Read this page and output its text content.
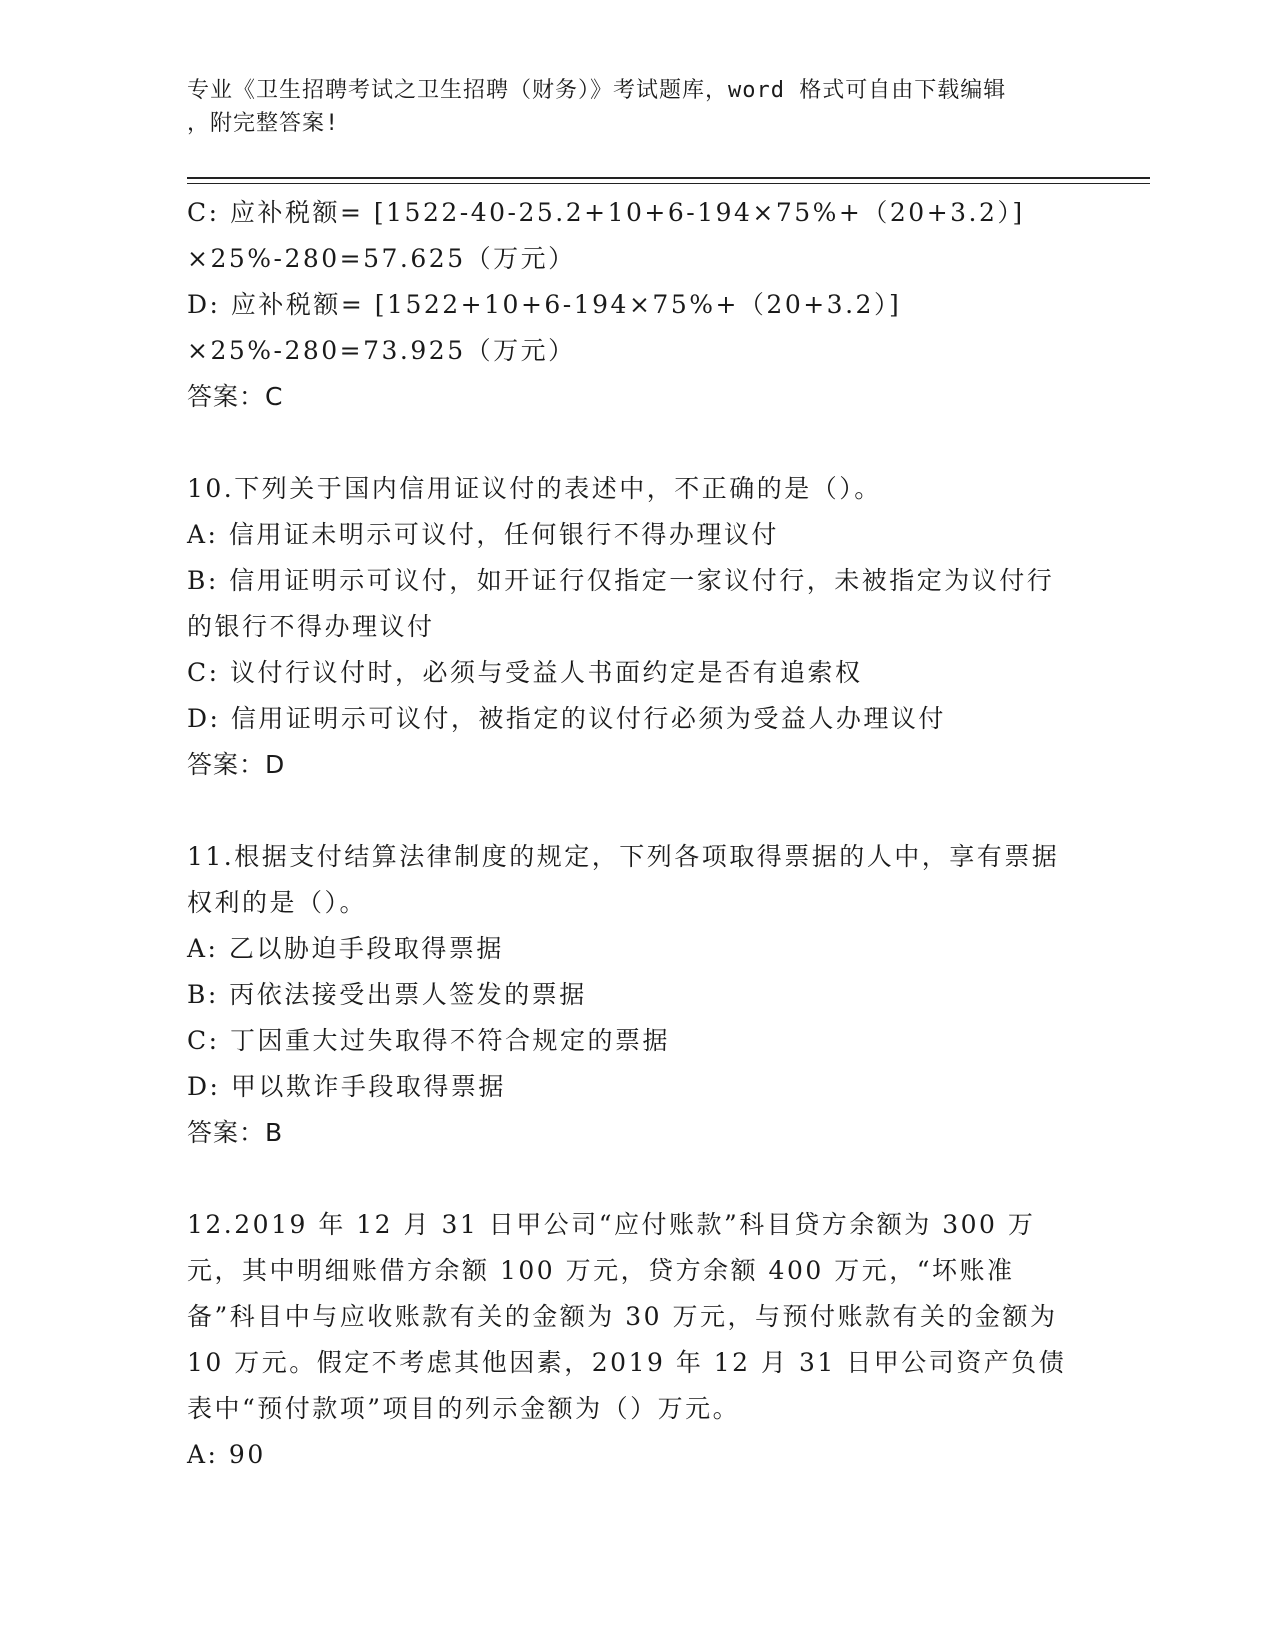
专业《卫生招聘考试之卫生招聘（财务）》考试题库，word 格式可自由下载编辑
，附完整答案!
C: 应补税额= [1522-40-25.2+10+6-194×75%+（20+3.2）] ×25%-280=57.625（万元）
D: 应补税额= [1522+10+6-194×75%+（20+3.2）] ×25%-280=73.925（万元）
答案：C
10.下列关于国内信用证议付的表述中，不正确的是（）。
A: 信用证未明示可议付，任何银行不得办理议付
B: 信用证明示可议付，如开证行仅指定一家议付行，未被指定为议付行的银行不得办理议付
C: 议付行议付时，必须与受益人书面约定是否有追索权
D: 信用证明示可议付，被指定的议付行必须为受益人办理议付
答案：D
11.根据支付结算法律制度的规定，下列各项取得票据的人中，享有票据权利的是（）。
A: 乙以胁迫手段取得票据
B: 丙依法接受出票人签发的票据
C: 丁因重大过失取得不符合规定的票据
D: 甲以欺诈手段取得票据
答案：B
12.2019 年 12 月 31 日甲公司“应付账款”科目贷方余额为 300 万元，其中明细账借方余额 100 万元，贷方余额 400 万元，“坏账准备”科目中与应收账款有关的金额为 30 万元，与预付账款有关的金额为 10 万元。假定不考虑其他因素，2019 年 12 月 31 日甲公司资产负债表中“预付款项”项目的列示金额为（）万元。
A: 90
